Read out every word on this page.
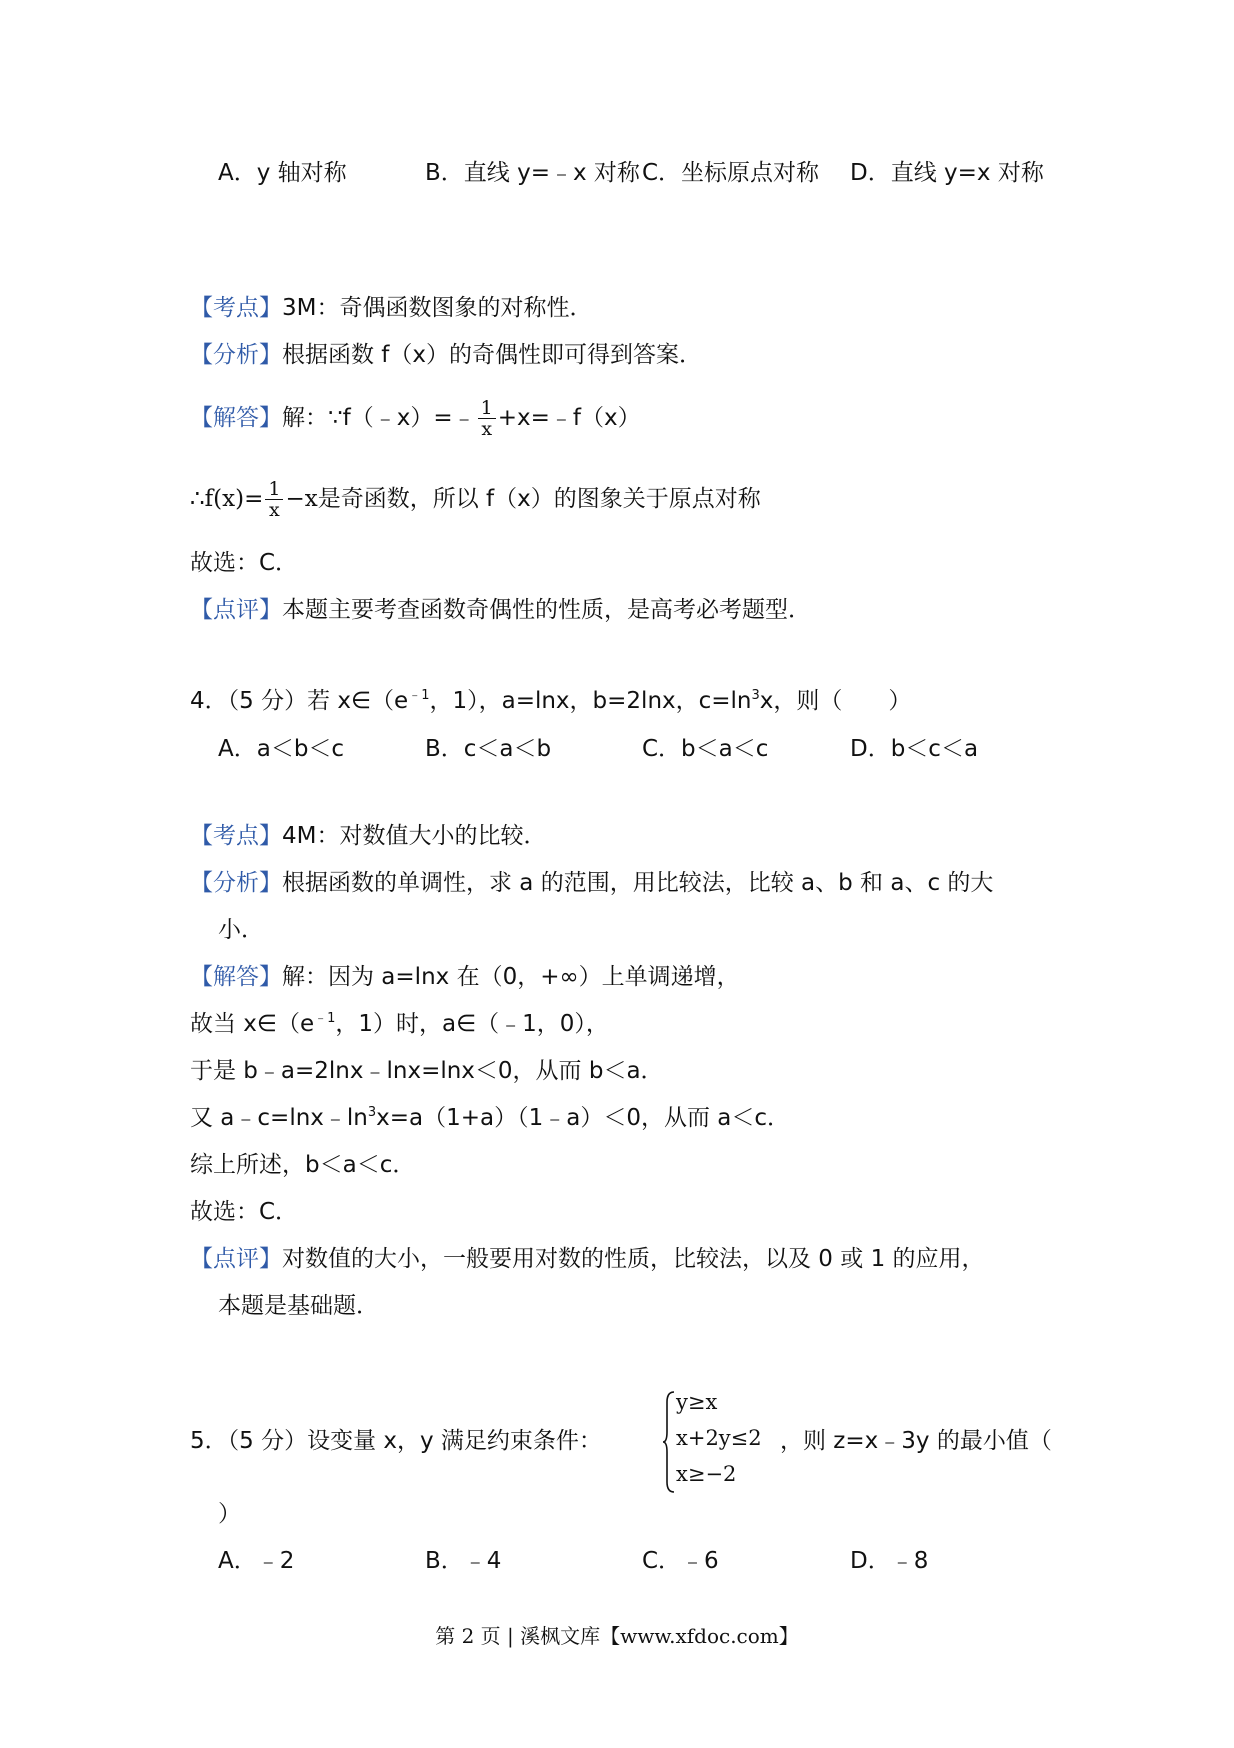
A．y 轴对称	B．直线 y=﹣x 对称 C．坐标原点对称 D．直线 y=x 对称
【考点】3M：奇偶函数图象的对称性．
【分析】根据函数 f（x）的奇偶性即可得到答案．
【解答】解：∵f（﹣x）=﹣ $\frac{1}{x}$ +x=﹣f（x）
∴f(x)= $\frac{1}{x} -x$是奇函数，所以 f（x）的图象关于原点对称
故选：C．
【点评】本题主要考查函数奇偶性的性质，是高考必考题型．
4．（5 分）若 $x\in(e^{﹣1}$，1），a=lnx，b=2lnx，$c=\ln^3x$，则（　　）
A．a＜b＜c	B．c＜a＜b	C．b＜a＜c	D．b＜c＜a
【考点】4M：对数值大小的比较．
【分析】根据函数的单调性，求 a 的范围，用比较法，比较 a、b 和 a、c 的大
小．
【解答】解：因为 a=lnx 在（0，+∞）上单调递增，
故当 $x\in(e^{﹣1}$，1）时，a∈（﹣1，0），
于是 b﹣a=2lnx﹣lnx=lnx＜0，从而 b＜a．
又 $a﹣c=\ln x﹣\ln^3x=a(1+a)(1﹣a)<0$，从而 a＜c．
综上所述，b＜a＜c．
故选：C．
【点评】对数值的大小，一般要用对数的性质，比较法，以及 0 或 1 的应用，
本题是基础题．
5．（5 分）设变量 x，y 满足约束条件：
y≥x
x+2y≤2
x≥−2
，则 z=x﹣3y 的最小值（
）
A．﹣2	B．﹣4	C．﹣6	D．﹣8
第 2 页 | 溪枫文库【www.xfdoc.com】
